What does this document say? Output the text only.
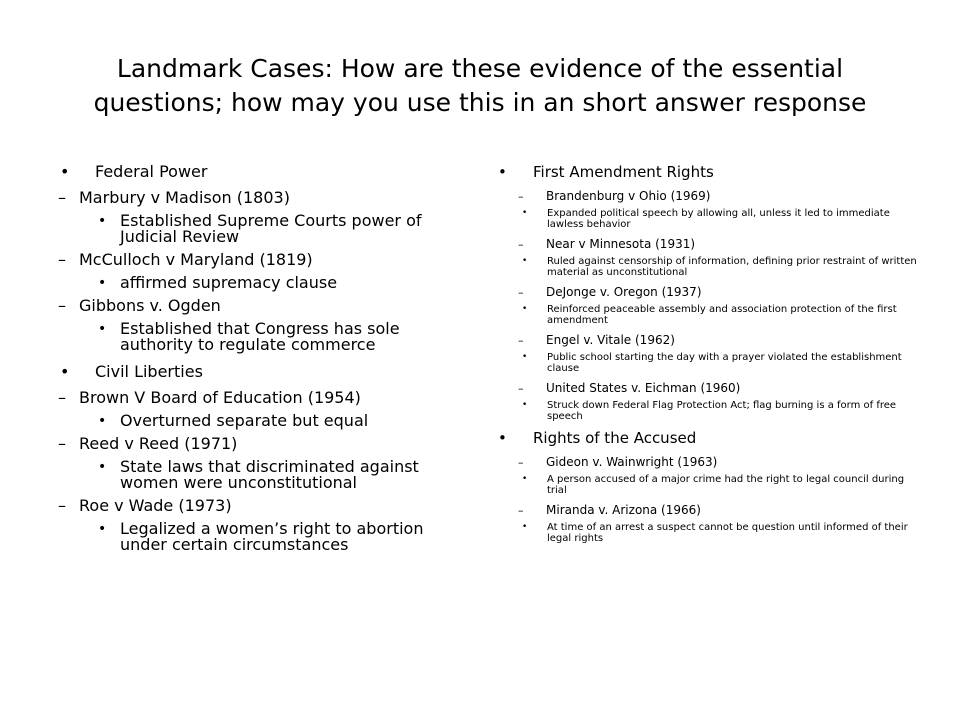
Landmark Cases: How are these evidence of the essential questions; how may you use this in an short answer response
• Federal Power
– Marbury v Madison (1803)
• Established Supreme Courts power of Judicial Review
– McCulloch v Maryland (1819)
• affirmed supremacy clause
– Gibbons v. Ogden
• Established that Congress has sole authority to regulate commerce
• Civil Liberties
– Brown V Board of Education (1954)
• Overturned separate but equal
– Reed v Reed (1971)
• State laws that discriminated against women were unconstitutional
– Roe v Wade (1973)
• Legalized a women’s right to abortion under certain circumstances
• First Amendment Rights
– Brandenburg v Ohio (1969)
• Expanded political speech by allowing all, unless it led to immediate lawless behavior
– Near v Minnesota (1931)
• Ruled against censorship of information, defining prior restraint of written material as unconstitutional
– DeJonge v. Oregon (1937)
• Reinforced peaceable assembly and association protection of the first amendment
– Engel v. Vitale (1962)
• Public school starting the day with a prayer violated the establishment clause
– United States v. Eichman (1960)
• Struck down Federal Flag Protection Act; flag burning is a form of free speech
• Rights of the Accused
– Gideon v. Wainwright (1963)
• A person accused of a major crime had the right to legal council during trial
– Miranda v. Arizona (1966)
• At time of an arrest a suspect cannot be question until informed of their legal rights
